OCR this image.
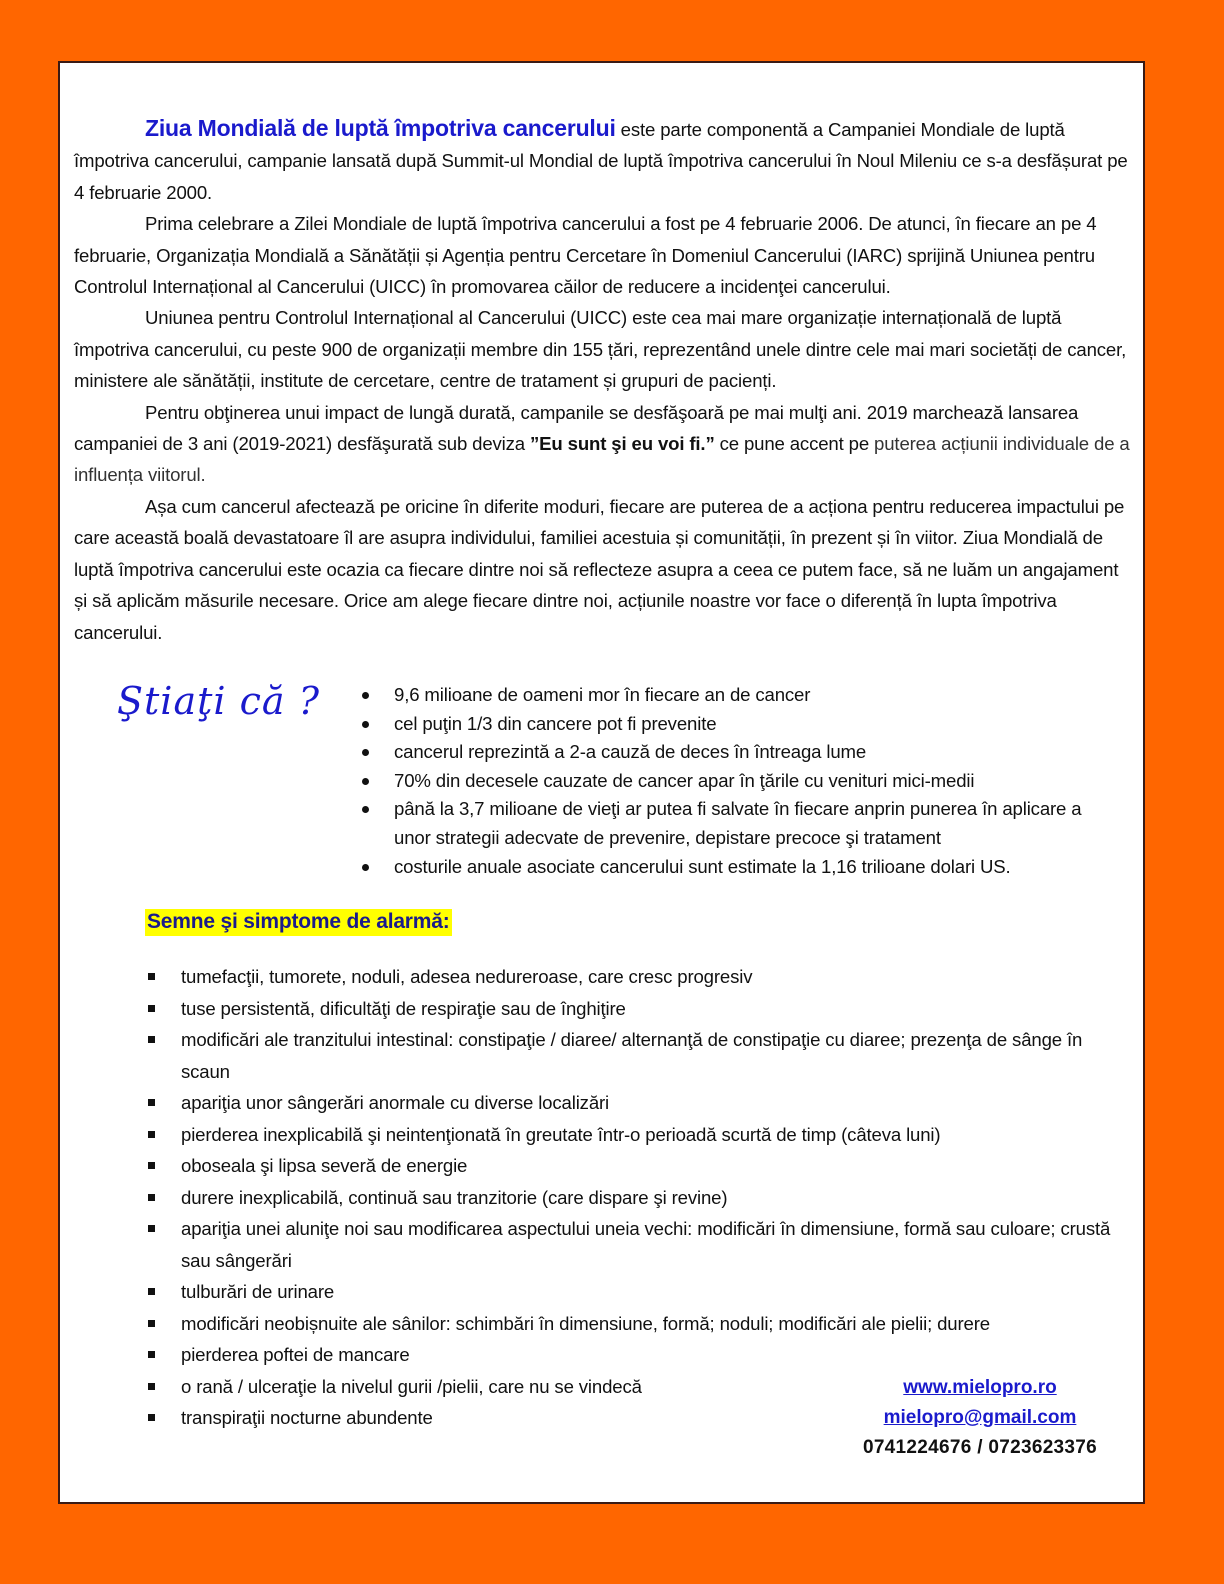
Ziua Mondială de luptă împotriva cancerului este parte componentă a Campaniei Mondiale de luptă împotriva cancerului, campanie lansată după Summit-ul Mondial de luptă împotriva cancerului în Noul Mileniu ce s-a desfășurat pe 4 februarie 2000.

Prima celebrare a Zilei Mondiale de luptă împotriva cancerului a fost pe 4 februarie 2006. De atunci, în fiecare an pe 4 februarie, Organizația Mondială a Sănătății și Agenția pentru Cercetare în Domeniul Cancerului (IARC) sprijină Uniunea pentru Controlul Internațional al Cancerului (UICC) în promovarea căilor de reducere a incidenţei cancerului.

Uniunea pentru Controlul Internațional al Cancerului (UICC) este cea mai mare organizație internațională de luptă împotriva cancerului, cu peste 900 de organizații membre din 155 țări, reprezentând unele dintre cele mai mari societăți de cancer, ministere ale sănătății, institute de cercetare, centre de tratament și grupuri de pacienți.

Pentru obţinerea unui impact de lungă durată, campanile se desfăşoară pe mai mulţi ani. 2019 marchează lansarea campaniei de 3 ani (2019-2021) desfăşurată sub deviza ”Eu sunt şi eu voi fi.” ce pune accent pe puterea acțiunii individuale de a influența viitorul.

Așa cum cancerul afectează pe oricine în diferite moduri, fiecare are puterea de a acționa pentru reducerea impactului pe care această boală devastatoare îl are asupra individului, familiei acestuia și comunității, în prezent și în viitor. Ziua Mondială de luptă împotriva cancerului este ocazia ca fiecare dintre noi să reflecteze asupra a ceea ce putem face, să ne luăm un angajament și să aplicăm măsurile necesare. Orice am alege fiecare dintre noi, acțiunile noastre vor face o diferență în lupta împotriva cancerului.

Ştiaţi că ?	9,6 milioane de oameni mor în fiecare an de cancer
cel puţin 1/3 din cancere pot fi prevenite
cancerul reprezintă a 2-a cauză de deces în întreaga lume
70% din decesele cauzate de cancer apar în ţările cu venituri mici-medii
până la 3,7 milioane de vieţi ar putea fi salvate în fiecare anprin punerea în aplicare a unor strategii adecvate de prevenire, depistare precoce şi tratament
costurile anuale asociate cancerului sunt estimate la 1,16 trilioane dolari US.
Semne şi simptome de alarmă:
tumefacţii, tumorete, noduli, adesea nedureroase, care cresc progresiv
tuse persistentă, dificultăţi de respiraţie sau de înghiţire
modificări ale tranzitului intestinal: constipaţie / diaree/ alternanţă de constipaţie cu diaree; prezenţa de sânge în scaun
apariţia unor sângerări anormale cu diverse localizări
pierderea inexplicabilă şi neintenţionată în greutate într-o perioadă scurtă de timp (câteva luni)
oboseala şi lipsa severă de energie
durere inexplicabilă, continuă sau tranzitorie (care dispare şi revine)
apariţia unei aluniţe noi sau modificarea aspectului uneia vechi: modificări în dimensiune, formă sau culoare; crustă sau sângerări
tulburări de urinare
modificări neobișnuite ale sânilor: schimbări în dimensiune, formă; noduli; modificări ale pielii; durere
pierderea poftei de mancare
o rană / ulceraţie la nivelul gurii /pielii, care nu se vindecă
transpiraţii nocturne abundente
www.mielopro.ro
mielopro@gmail.com
0741224676 / 0723623376
